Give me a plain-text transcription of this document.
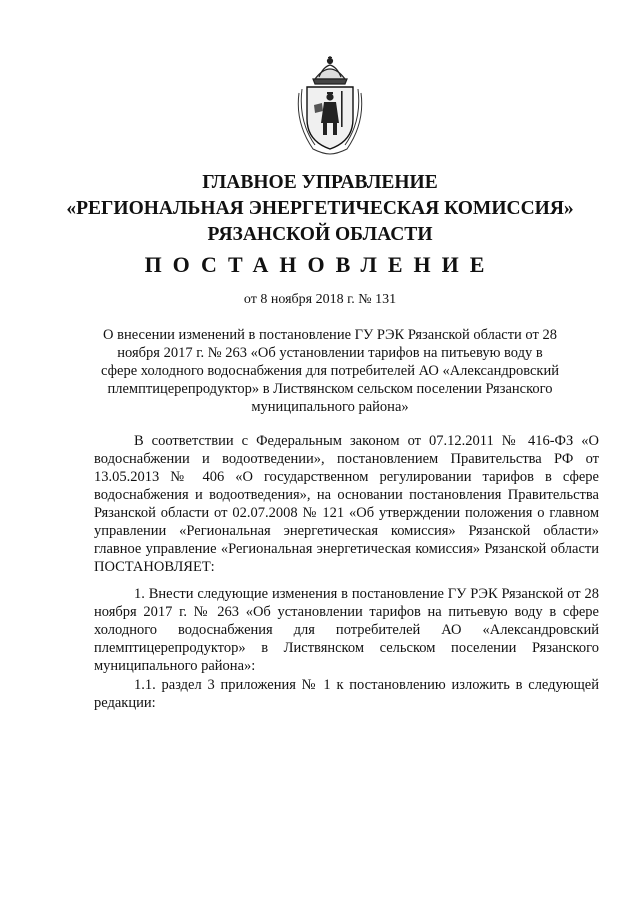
ГЛАВНОЕ УПРАВЛЕНИЕ
«РЕГИОНАЛЬНАЯ ЭНЕРГЕТИЧЕСКАЯ КОМИССИЯ»
РЯЗАНСКОЙ ОБЛАСТИ
ПОСТАНОВЛЕНИЕ
от 8 ноября 2018 г. № 131
О внесении изменений в постановление ГУ РЭК Рязанской области от 28 ноября 2017 г. № 263 «Об установлении тарифов на питьевую воду в сфере холодного водоснабжения для потребителей АО «Александровский племптицерепродуктор» в Листвянском сельском поселении Рязанского муниципального района»

В соответствии с Федеральным законом от 07.12.2011 № 416-ФЗ «О водоснабжении и водоотведении», постановлением Правительства РФ от 13.05.2013 № 406 «О государственном регулировании тарифов в сфере водоснабжения и водоотведения», на основании постановления Правительства Рязанской области от 02.07.2008 № 121 «Об утверждении положения о главном управлении «Региональная энергетическая комиссия» Рязанской области» главное управление «Региональная энергетическая комиссия» Рязанской области ПОСТАНОВЛЯЕТ:

1. Внести следующие изменения в постановление ГУ РЭК Рязанской от 28 ноября 2017 г. № 263 «Об установлении тарифов на питьевую воду в сфере холодного водоснабжения для потребителей АО «Александровский племптицерепродуктор» в Листвянском сельском поселении Рязанского муниципального района»:

1.1. раздел 3 приложения № 1 к постановлению изложить в следующей редакции:
